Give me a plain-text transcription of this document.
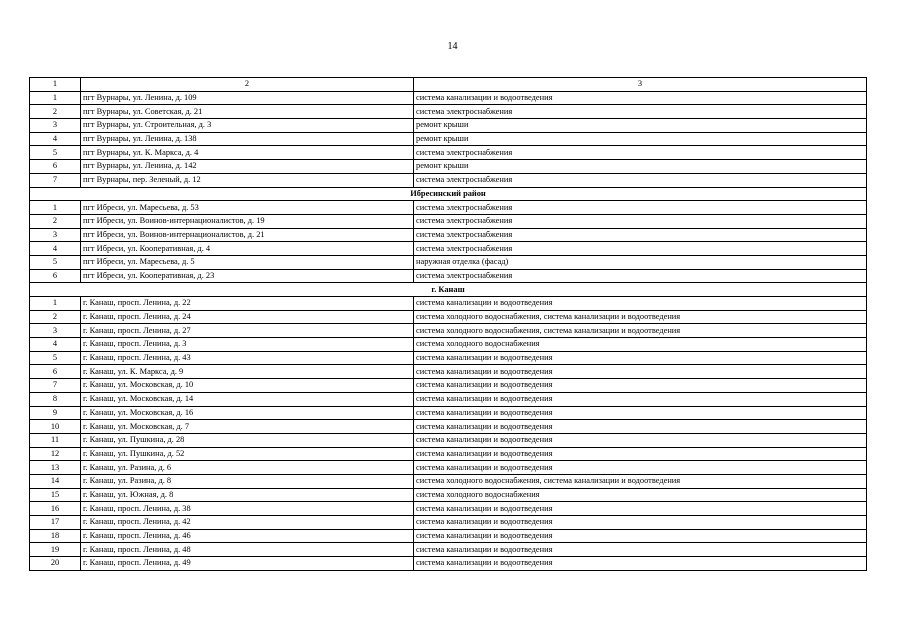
14
1	2	3
1	пгт Вурнары, ул. Ленина, д. 109	система канализации и водоотведения
2	пгт Вурнары, ул. Советская, д. 21	система электроснабжения
3	пгт Вурнары, ул. Строительная, д. 3	ремонт крыши
4	пгт Вурнары, ул. Ленина, д. 138	ремонт крыши
5	пгт Вурнары, ул. К. Маркса, д. 4	система электроснабжения
6	пгт Вурнары, ул. Ленина, д. 142	ремонт крыши
7	пгт Вурнары, пер. Зеленый, д. 12	система электроснабжения
Ибресинский район		
1	пгт Ибреси, ул. Маресьева, д. 53	система электроснабжения
2	пгт Ибреси, ул. Воинов-интернационалистов, д. 19	система электроснабжения
3	пгт Ибреси, ул. Воинов-интернационалистов, д. 21	система электроснабжения
4	пгт Ибреси, ул. Кооперативная, д. 4	система электроснабжения
5	пгт Ибреси, ул. Маресьева, д. 5	наружная отделка (фасад)
6	пгт Ибреси, ул. Кооперативная, д. 23	система электроснабжения
г. Канаш		
1	г. Канаш, просп. Ленина, д. 22	система канализации и водоотведения
2	г. Канаш, просп. Ленина, д. 24	система холодного водоснабжения, система канализации и водоотведения
3	г. Канаш, просп. Ленина, д. 27	система холодного водоснабжения, система канализации и водоотведения
4	г. Канаш, просп. Ленина, д. 3	система холодного водоснабжения
5	г. Канаш, просп. Ленина, д. 43	система канализации и водоотведения
6	г. Канаш, ул. К. Маркса, д. 9	система канализации и водоотведения
7	г. Канаш, ул. Московская, д. 10	система канализации и водоотведения
8	г. Канаш, ул. Московская, д. 14	система канализации и водоотведения
9	г. Канаш, ул. Московская, д. 16	система канализации и водоотведения
10	г. Канаш, ул. Московская, д. 7	система канализации и водоотведения
11	г. Канаш, ул. Пушкина, д. 28	система канализации и водоотведения
12	г. Канаш, ул. Пушкина, д. 52	система канализации и водоотведения
13	г. Канаш, ул. Разина, д. 6	система канализации и водоотведения
14	г. Канаш, ул. Разина, д. 8	система холодного водоснабжения, система канализации и водоотведения
15	г. Канаш, ул. Южная, д. 8	система холодного водоснабжения
16	г. Канаш, просп. Ленина, д. 38	система канализации и водоотведения
17	г. Канаш, просп. Ленина, д. 42	система канализации и водоотведения
18	г. Канаш, просп. Ленина, д. 46	система канализации и водоотведения
19	г. Канаш, просп. Ленина, д. 48	система канализации и водоотведения
20	г. Канаш, просп. Ленина, д. 49	система канализации и водоотведения
